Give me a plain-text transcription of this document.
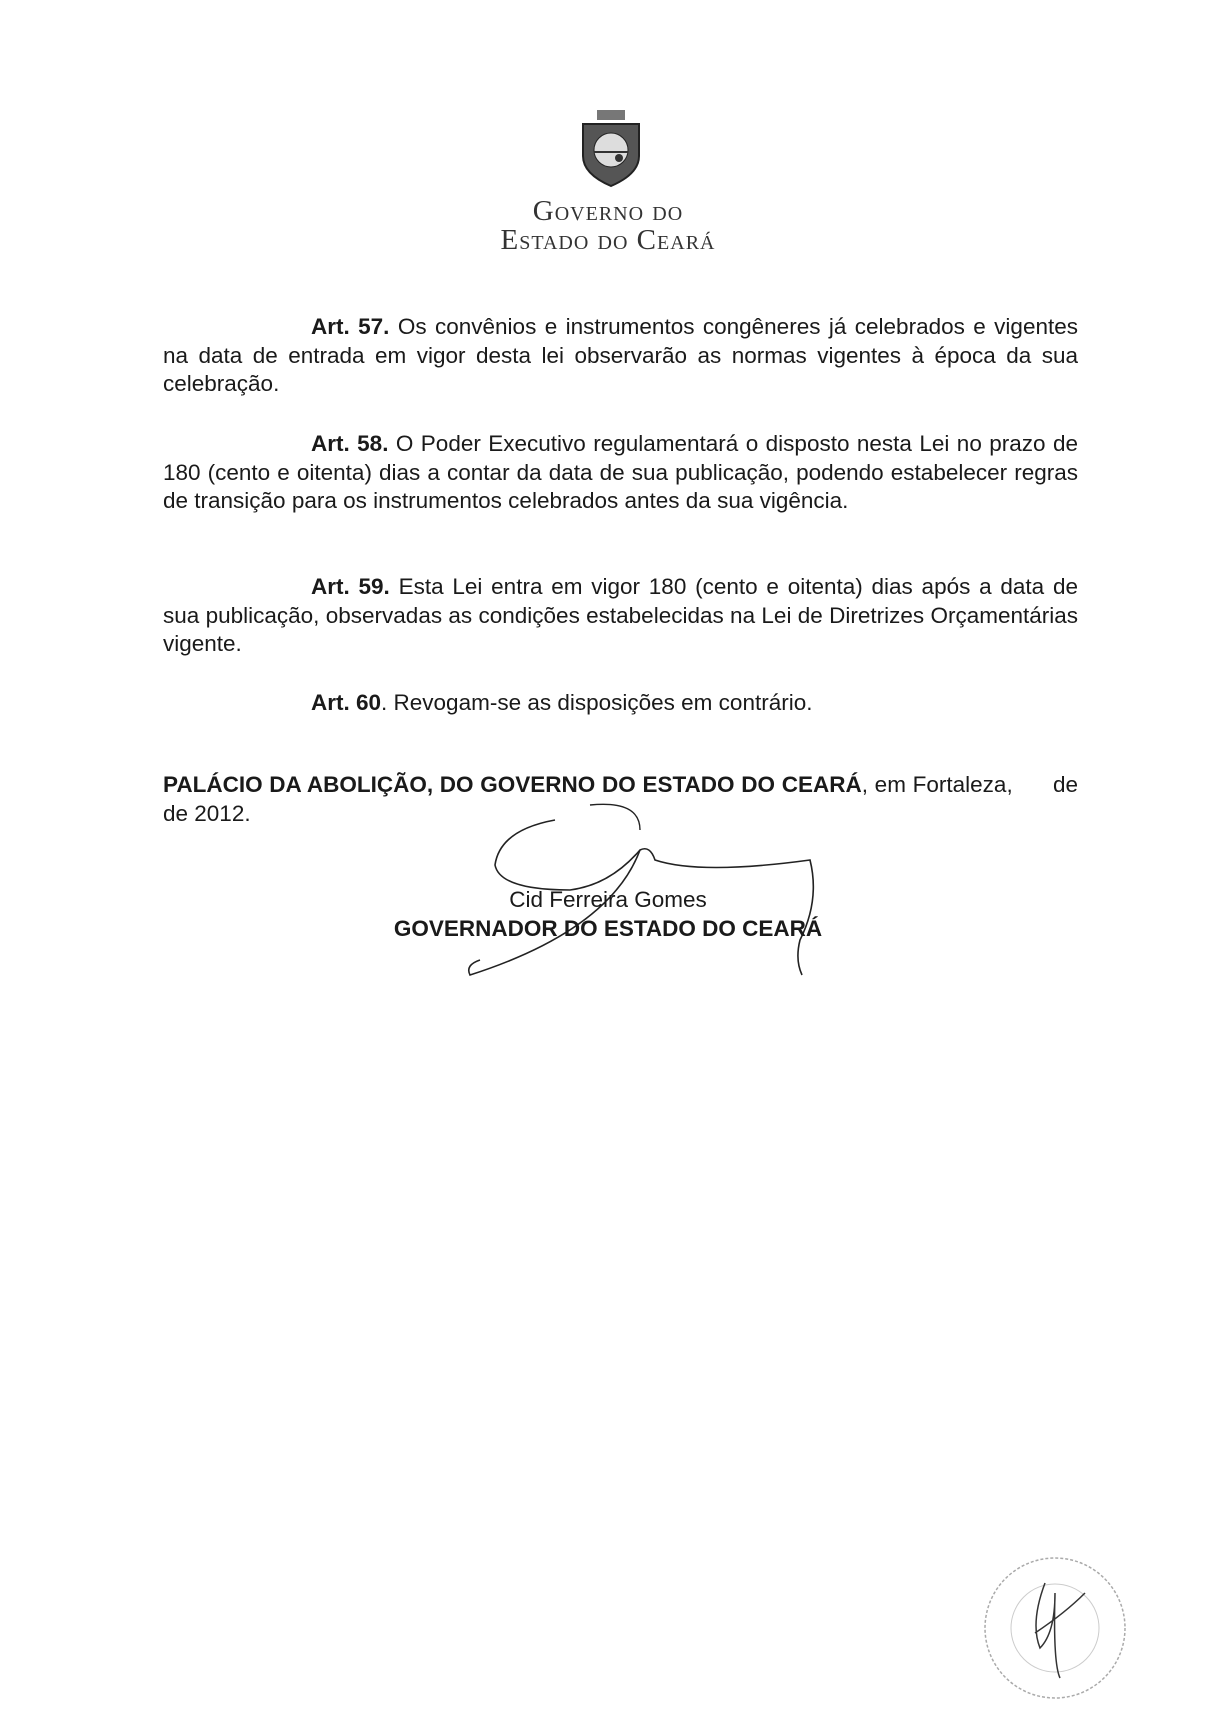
Governo do
Estado do Ceará

Art. 57. Os convênios e instrumentos congêneres já celebrados e vigentes na data de entrada em vigor desta lei observarão as normas vigentes à época da sua celebração.

Art. 58. O Poder Executivo regulamentará o disposto nesta Lei no prazo de 180 (cento e oitenta) dias a contar da data de sua publicação, podendo estabelecer regras de transição para os instrumentos celebrados antes da sua vigência.

Art. 59. Esta Lei entra em vigor 180 (cento e oitenta) dias após a data de sua publicação, observadas as condições estabelecidas na Lei de Diretrizes Orçamentárias vigente.

Art. 60. Revogam-se as disposições em contrário.

PALÁCIO DA ABOLIÇÃO, DO GOVERNO DO ESTADO DO CEARÁ, em Fortaleza,      de                    de 2012.
Cid Ferreira Gomes
GOVERNADOR DO ESTADO DO CEARÁ
